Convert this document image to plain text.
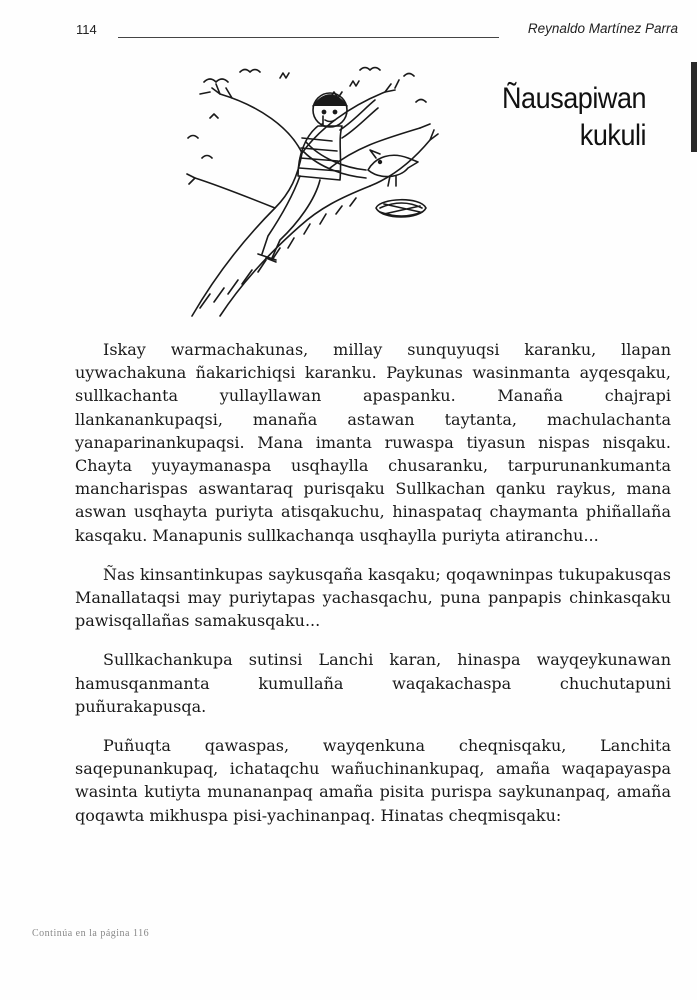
114	Reynaldo Martínez Parra
Ñausapiwan
kukuli

Iskay warmachakunas, millay sunquyuqsi karanku, llapan uywachakuna ñakarichiqsi karanku. Paykunas wasinmanta ayqesqaku, sullkachanta yullayllawan apaspanku. Manaña chajrapi llankanankupaqsi, manaña astawan taytanta, machulachanta yanaparinankupaqsi. Mana imanta ruwaspa tiyasun nispas nisqaku. Chayta yuyaymanaspa usqhaylla chusaranku, tarpurunankumanta mancharispas aswantaraq purisqaku Sullkachan qanku raykus, mana aswan usqhayta puriyta atisqakuchu, hinaspataq chaymanta phiñallaña kasqaku. Manapunis sullkachanqa usqhaylla puriyta atiranchu...

Ñas kinsantinkupas saykusqaña kasqaku; qoqawninpas tukupakusqas Manallataqsi may puriytapas yachasqachu, puna panpapis chinkasqaku pawisqallañas samakusqaku...

Sullkachankupa sutinsi Lanchi karan, hinaspa wayqeykunawan hamusqanmanta kumullaña waqakachaspa chuchutapuni puñurakapusqa.

Puñuqta qawaspas, wayqenkuna cheqnisqaku, Lanchita saqepunankupaq, ichataqchu wañuchinankupaq, amaña waqapayaspa wasinta kutiyta munananpaq amaña pisita purispa saykunanpaq, amaña qoqawta mikhuspa pisi-yachinanpaq. Hinatas cheqmisqaku:

Continúa en la página 116
